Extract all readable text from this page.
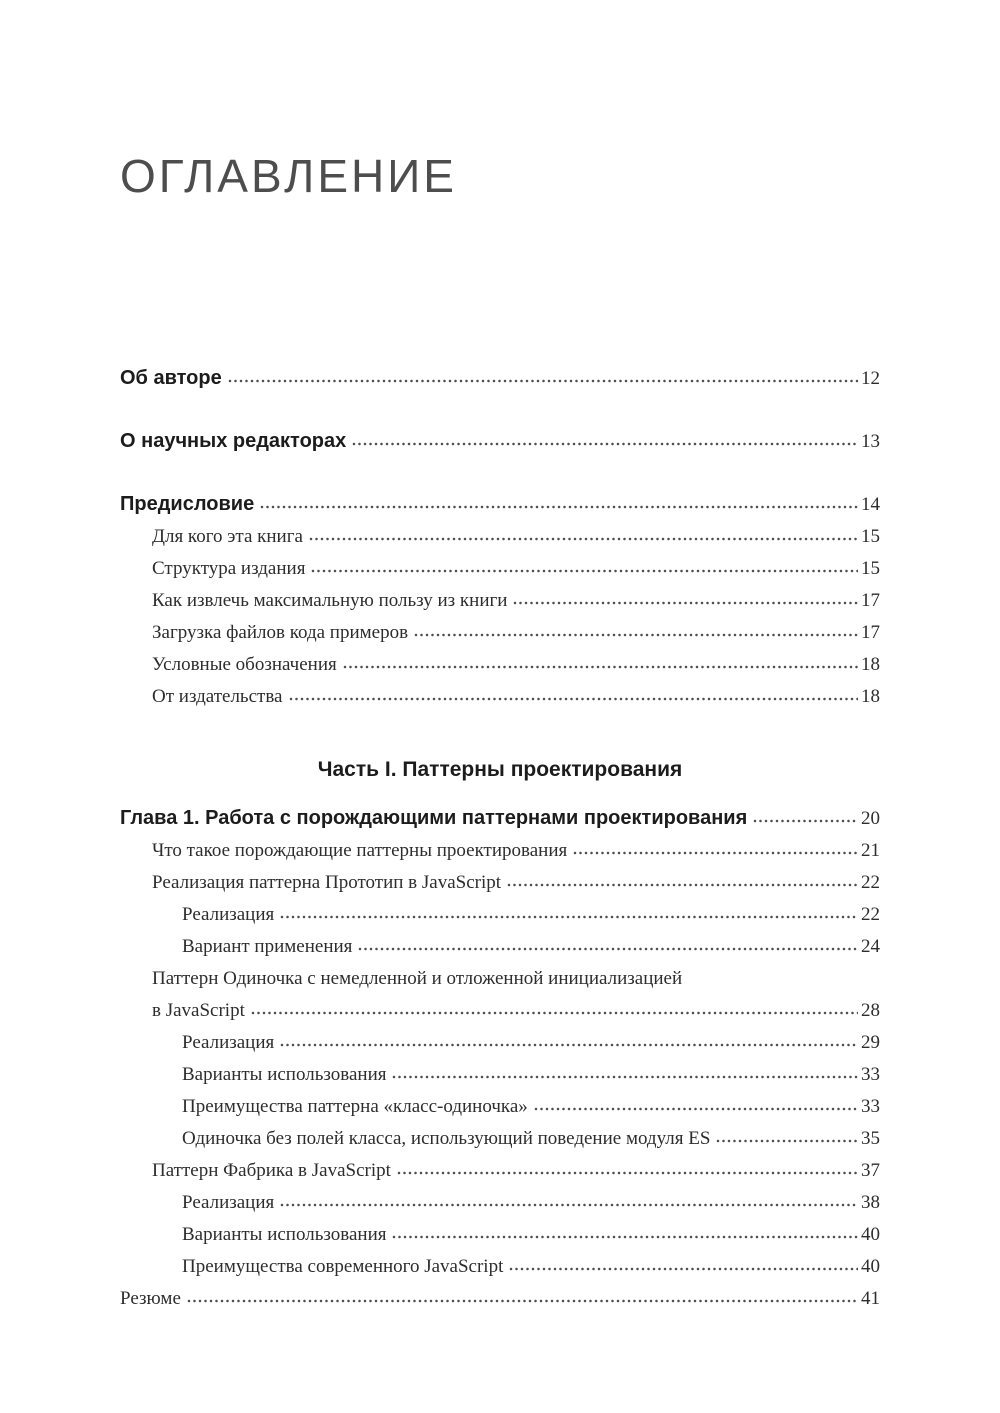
ОГЛАВЛЕНИЕ
Об авторе	12
О научных редакторах	13
Предисловие	14
Для кого эта книга	15
Структура издания	15
Как извлечь максимальную пользу из книги	17
Загрузка файлов кода примеров	17
Условные обозначения	18
От издательства	18
Часть I. Паттерны проектирования
Глава 1. Работа с порождающими паттернами проектирования	20
Что такое порождающие паттерны проектирования	21
Реализация паттерна Прототип в JavaScript	22
Реализация	22
Вариант применения	24
Паттерн Одиночка с немедленной и отложенной инициализацией
в JavaScript	28
Реализация	29
Варианты использования	33
Преимущества паттерна «класс-одиночка»	33
Одиночка без полей класса, использующий поведение модуля ES	35
Паттерн Фабрика в JavaScript	37
Реализация	38
Варианты использования	40
Преимущества современного JavaScript	40
Резюме	41
